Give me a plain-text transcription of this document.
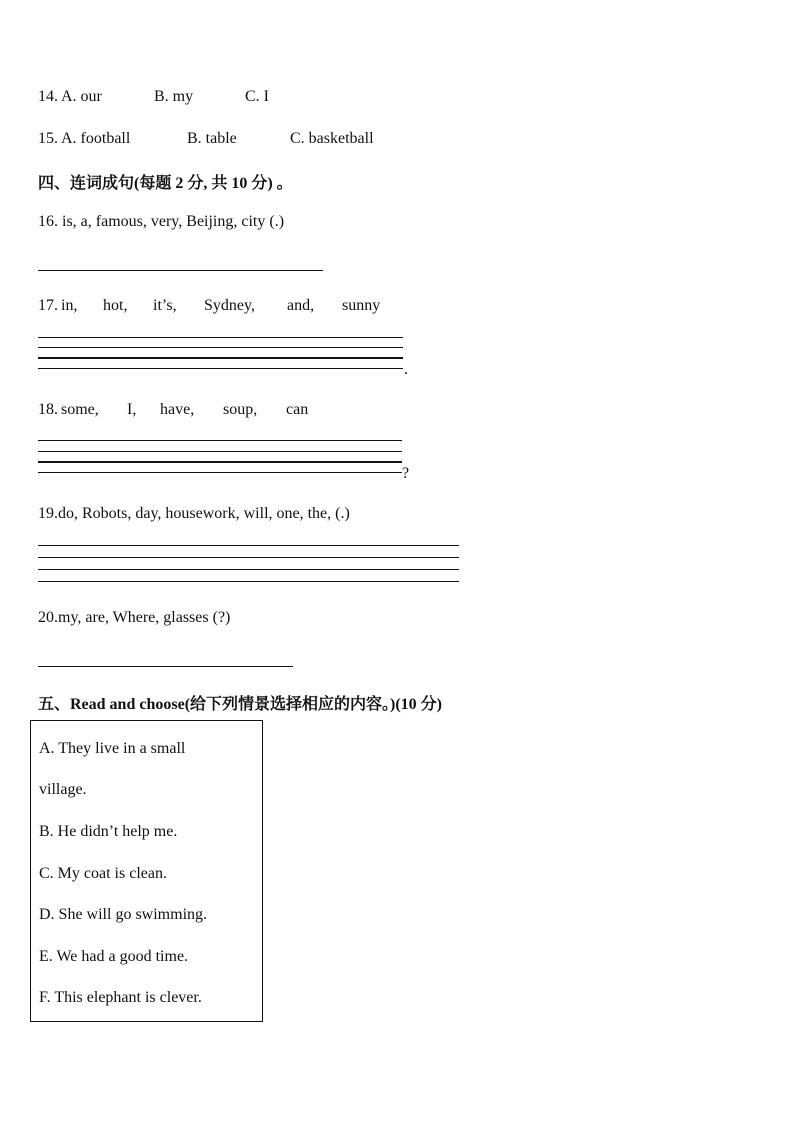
14. A. our	B. my	C. I
15. A. football	B. table	C. basketball
四、连词成句(每题 2 分, 共 10 分) 。
16. is, a, famous, very, Beijing, city (.)
17. in, hot, it’s, Sydney, and, sunny
.
18. some, I, have, soup, can
?
19.do, Robots, day, housework, will, one, the, (.)
20.my, are, Where, glasses (?)
五、Read and choose(给下列情景选择相应的内容。)(10 分)
A. They live in a small
village.
B. He didn’t help me.
C. My coat is clean.
D. She will go swimming.
E. We had a good time.
F. This elephant is clever.
